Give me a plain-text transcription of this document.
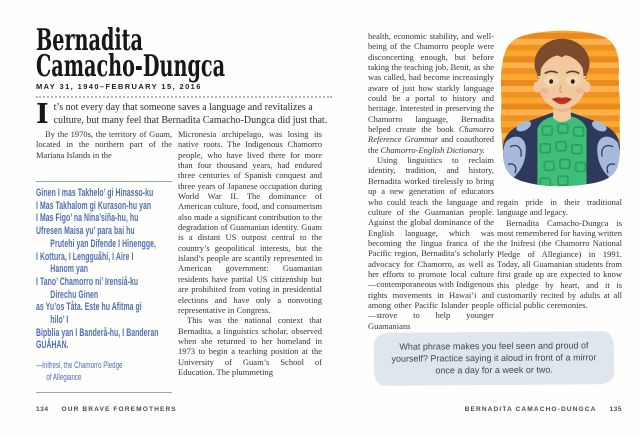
Bernadita
Camacho-Dungca
MAY 31, 1940–FEBRUARY 15, 2016
It’s not every day that someone saves a language and revitalizes a culture, but many feel that Bernadita Camacho-Dungca did just that.

By the 1970s, the territory of Guam, located in the northern part of the Mariana Islands in the

Ginen I mas Takhelo’ gi Hinasso-ku
I Mas Takhalom gi Kurason-hu yan
I Mas Figo’ na Nina’siña-hu, hu
Ufresen Maisa yu’ para bai hu
Prutehi yan Difende I Hinengge,
I Kottura, I Lengguåhi, I Aire I
Hanom yan
I Tano’ Chamorro ni’ Irensiå-ku
Direchu Ginen
as Yu’os Tåta. Este hu Afitma gi
hilo’ I
Bipblia yan I Banderå-hu, I Banderan
GUÅHAN.
—Inifresi, the Chamorro Pledge
of Allegiance

Micronesia archipelago, was losing its native roots. The Indigenous Chamorro people, who have lived there for more than four thousand years, had endured three centuries of Spanish conquest and three years of Japanese occupation during World War II. The dominance of American culture, food, and consumerism also made a significant contribution to the degradation of Guamanian identity. Guam is a distant US outpost central to the country’s geopolitical interests, but the island’s people are scantily represented in American government: Guamanian residents have partial US citizenship but are prohibited from voting in presidential elections and have only a nonvoting representative in Congress.

This was the national context that Bernadita, a linguistics scholar, observed when she returned to her homeland in 1973 to begin a teaching position at the University of Guam’s School of Education. The plummeting

134 OUR BRAVE FOREMOTHERS

health, economic stability, and well-being of the Chamorro people were disconcerting enough, but before taking the teaching job, Benit, as she was called, had become increasingly aware of just how starkly language could be a portal to history and heritage. Interested in preserving the Chamorro language, Bernadita helped create the book Chamorro Reference Grammar and coauthored the Chamorro-English Dictionary.

Using linguistics to reclaim identity, tradition, and history, Bernadita worked tirelessly to bring up a new generation of educators who could teach the language and culture of the Guamanian people. Against the global dominance of the English language, which was becoming the lingua franca of the Pacific region, Bernadita’s scholarly advocacy for Chamorro, as well as her efforts to promote local culture—contemporaneous with Indigenous rights movements in Hawai’i and among other Pacific Islander people—strove to help younger Guamanians

regain pride in their traditional language and legacy.

Bernadita Camacho-Dungca is most remembered for having written the Inifresi (the Chamorro National Pledge of Allegiance) in 1991. Today, all Guamanian students from first grade up are expected to know this pledge by heart, and it is customarily recited by adults at all official public ceremonies.

What phrase makes you feel seen and proud of yourself? Practice saying it aloud in front of a mirror once a day for a week or two.
BERNADITA CAMACHO-DUNGCA 135
